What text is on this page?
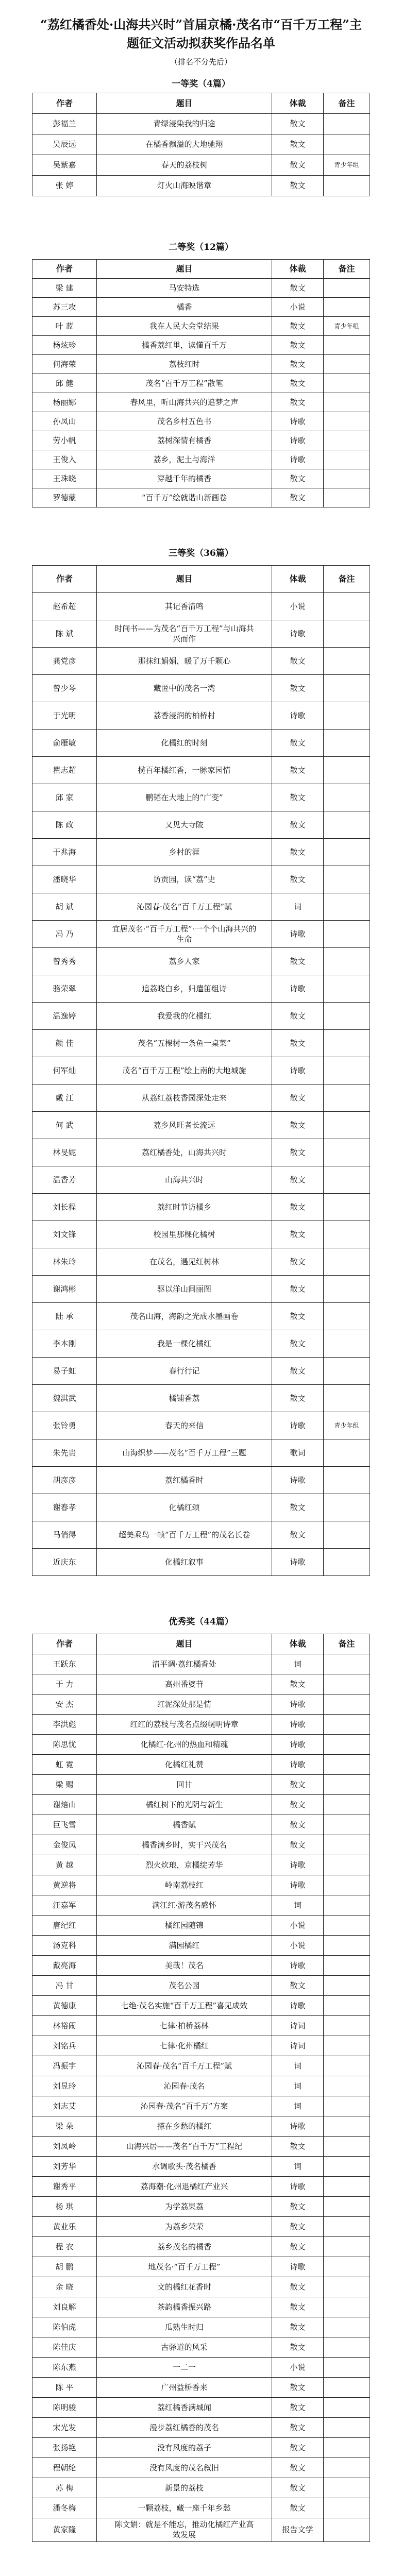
“荔红橘香处·山海共兴时”首届京橘·茂名市“百千万工程”主题征文活动拟获奖作品名单
（排名不分先后）
一等奖（4篇）
作者	题目	体裁	备注
彭福兰	青绿浸染我的归途	散文	
吴辰远	在橘香飘溢的大地驰翔	散文	
吴紫嘉	春天的荔枝树	散文	青少年组
张 婷	灯火山海映谐章	散文	
二等奖（12篇）
作者	题目	体裁	备注
梁 建	马安特选	散文	
苏三攻	橘香	小说	
叶 蓝	我在人民大会堂结果	散文	青少年组
杨炫珍	橘香荔红里，读懂百千万	散文	
何海荣	荔枝红时	散文	
邱 健	茂名“百千万工程”散笔	散文	
杨丽娜	春风里，听山海共兴的追梦之声	散文	
孙凤山	茂名乡村五色书	诗歌	
劳小帆	荔树深情有橘香	诗歌	
王俊入	荔乡，泥土与海洋	诗歌	
王珠晓	穿越千年的橘香	散文	
罗德蒙	“百千万”绘就谐山新画卷	散文	
三等奖（36篇）
作者	题目	体裁	备注
赵希超	其记香清鸣	小说	
陈 斌	时间书——为茂名“百千万工程”与山海共兴而作	诗歌	
龚党彦	那抹红娟娟，暖了万千颗心	散文	
曾少琴	藏匿中的茂名一湾	散文	
于光明	荔香浸润的柏桥村	诗歌	
俞雁敏	化橘红的时刻	散文	
瞿志超	揽百年橘红香，一脉家园情	散文	
邱 家	鹏韬在大地上的“广变”	散文	
陈 政	又见大寺陂	散文	
于兆海	乡村的涯	散文	
潘晓华	访贡园，读“荔”史	散文	
胡 斌	沁园春·茂名“百千万工程”赋	词	
冯 乃	宜居茂名·“百千万工程”·一个个山海共兴的生命	诗歌	
曾秀秀	荔乡人家	散文	
骆荣翠	追荔晓白乡，归遣笛组诗	诗歌	
温逸婷	我爱我的化橘红	散文	
颜 佳	茂名“五棵树一条鱼一桌菜”	散文	
何军灿	茂名“百千万工程”绘上南的大地城旋	诗歌	
戴 江	从荔红荔枝香园深处走来	散文	
何 武	荔乡风旺者长流远	散文	
林旻妮	荔红橘香处，山海共兴时	散文	
温香芳	山海共兴时	散文	
刘长程	荔红时节访橘乡	散文	
刘文锋	校园里那棵化橘树	散文	
林朱玲	在茂名，遇见红树林	散文	
谢鸿彬	驱以洋山间丽图	散文	
陆 承	茂名山海，海韵之光成水墨画卷	散文	
李本刚	我是一棵化橘红	散文	
易子虹	春行行记	散文	
魏淇武	橘铺香荔	散文	
张铃勇	春天的来信	诗歌	青少年组
朱先贵	山海织梦——茂名“百千万工程”三题	歌词	
胡彦彦	荔红橘香时	诗歌	
谢春孝	化橘红颂	散文	
马俏得	超美乘鸟一帧“百千万工程”的茂名长卷	散文	
近庆东	化橘红叙事	诗歌	
优秀奖（44篇）
作者	题目	体裁	备注
王跃东	清平调·荔红橘香处	词	
于 力	高州番婆苷	散文	
安 杰	红泥深处那是情	诗歌	
李洪彪	红红的荔枝与茂名点缀幌明诗章	诗歌	
陈思忧	化橘红·化州的热血和精魂	诗歌	
虹 霓	化橘红礼赞	诗歌	
梁 赐	回甘	散文	
谢焙山	橘红树下的光阴与新生	散文	
巨飞雪	橘香赋	散文	
金俊凤	橘香满乡时，实干兴茂名	散文	
黄 越	烈火炊琅，京橘绽芳华	诗歌	
黄逆将	岭南荔枝红	诗歌	
汪嘉军	满江红·游茂名感怀	词	
唐纪红	橘红园随锦	小说	
汤克科	满园橘红	小说	
戴亮海	美哉！茂名	诗歌	
冯 甘	茂名公园	散文	
黄德康	七绝·茂名实施“百千万工程”喜见成效	诗歌	
林裕闹	七律·柏桥荔林	诗词	
刘铭兵	七律·化州橘红	诗词	
冯振宇	沁园春·茂名“百千万工程”赋	词	
刘昱玲	沁园春·茂名	词	
刘志艾	沁园春·茂名“百千万”方案	词	
梁 朵	搽在乡愁的橘红	诗歌	
刘凤岭	山海兴居——茂名“百千万”工程纪	散文	
刘芳华	水调歌头·茂名橘香	词	
谢秀平	荔海潮·化州退橘红产业兴	诗歌	
杨 琪	为学荔果荔	散文	
黄业乐	为荔乡荣荣	散文	
程 衣	荔乡茂名的橘香	散文	
胡 鹏	地茂名·“百千万工程”	诗歌	
余 晓	文的橘红花香时	散文	
刘良解	茶韵橘香振兴路	散文	
陈伯虎	瓜熟生时归	散文	
陈佳庆	古驿道的风采	散文	
陈东燕	一二一	小说	
陈 平	广州益桥香来	散文	
陈明骏	荔红橘香满城闻	散文	
宋光发	漫步荔红橘香的茂名	散文	
张扬艳	没有风度的荔子	散文	
程朝纶	没有风度的茂名叙旧	散文	
苏 梅	新景的荔枝	散文	
潘冬梅	一颗荔枝，藏一座千年乡愁	散文	
黄家隆	陈文娟：就是不能忘，推动化橘红产业高效发展	报告文学	
